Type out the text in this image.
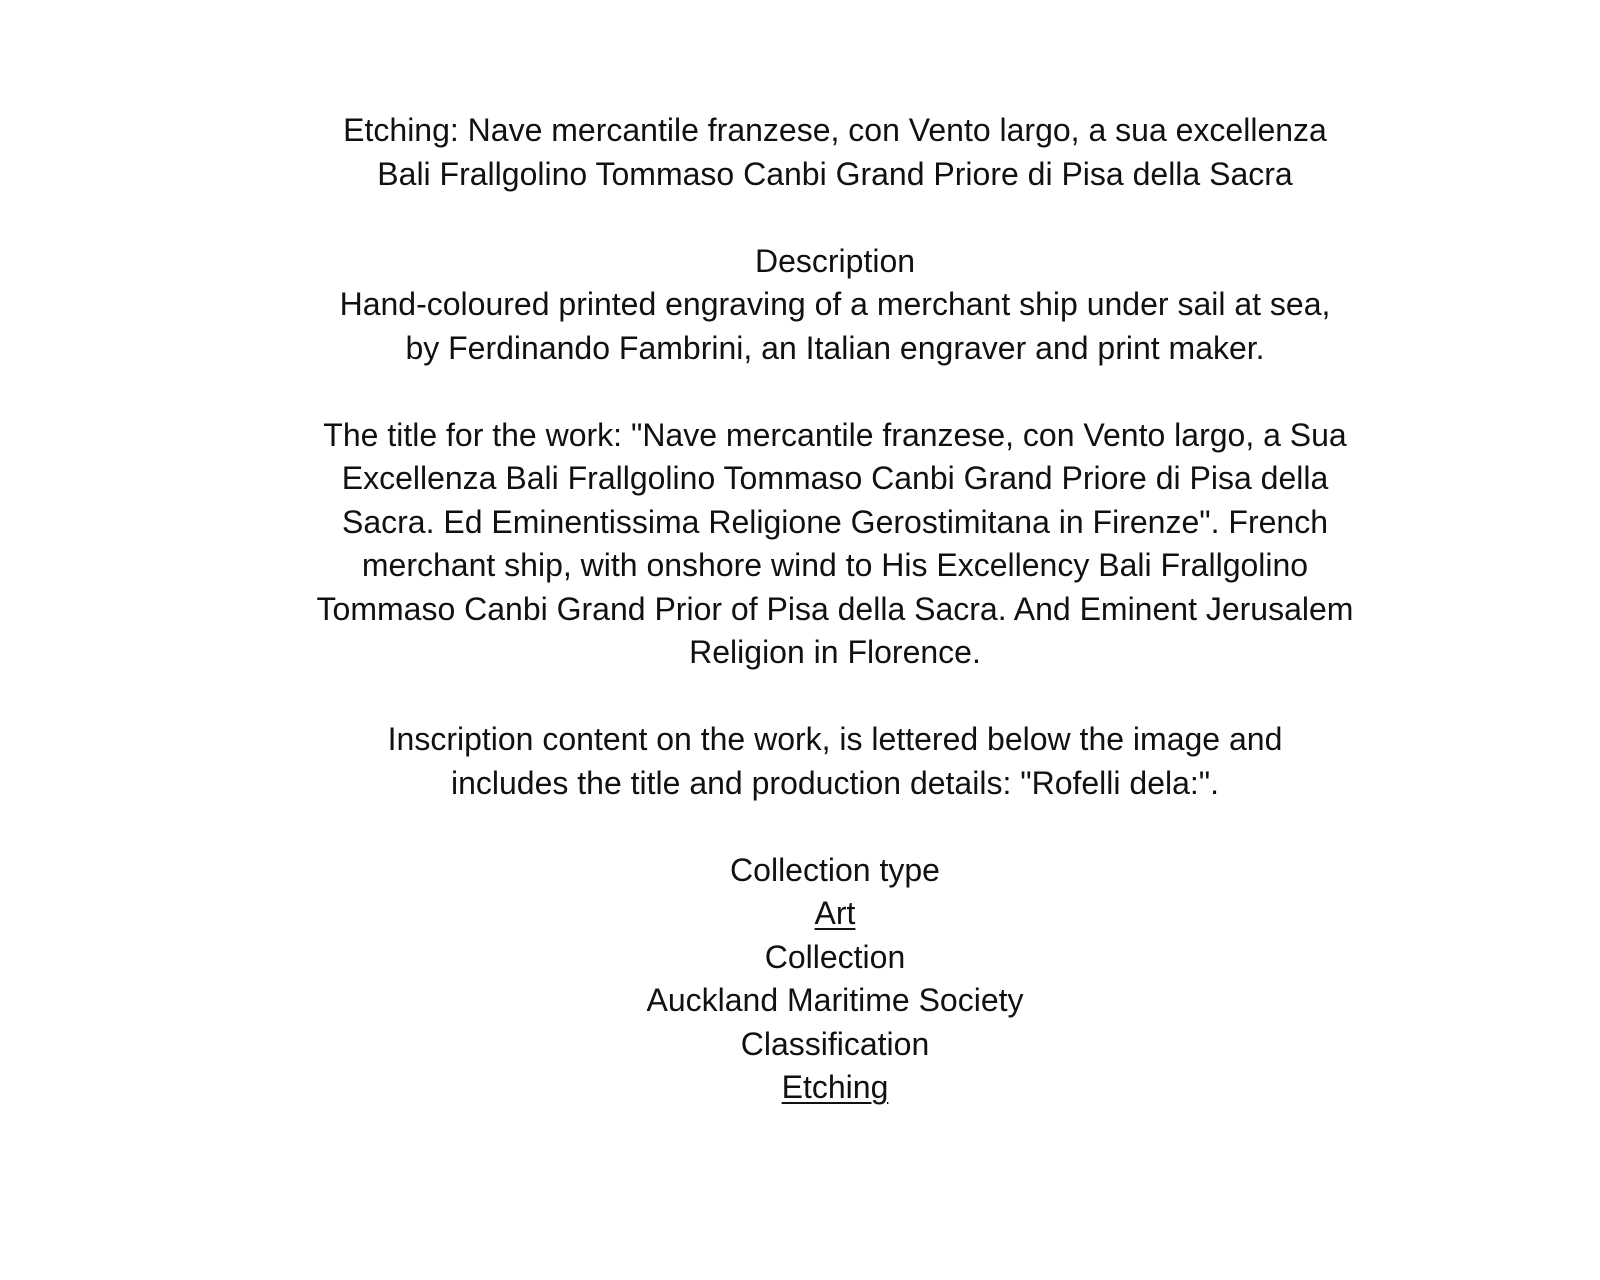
Etching: Nave mercantile franzese, con Vento largo, a sua excellenza

Bali Frallgolino Tommaso Canbi Grand Priore di Pisa della Sacra

Description

Hand-coloured printed engraving of a merchant ship under sail at sea,

by Ferdinando Fambrini, an Italian engraver and print maker.

The title for the work: "Nave mercantile franzese, con Vento largo, a Sua

Excellenza Bali Frallgolino Tommaso Canbi Grand Priore di Pisa della

Sacra. Ed Eminentissima Religione Gerostimitana in Firenze". French

merchant ship, with onshore wind to His Excellency Bali Frallgolino

Tommaso Canbi Grand Prior of Pisa della Sacra. And Eminent Jerusalem

Religion in Florence.

Inscription content on the work, is lettered below the image and

includes the title and production details: "Rofelli dela:".

Collection type

Art

Collection

Auckland Maritime Society

Classification

Etching
